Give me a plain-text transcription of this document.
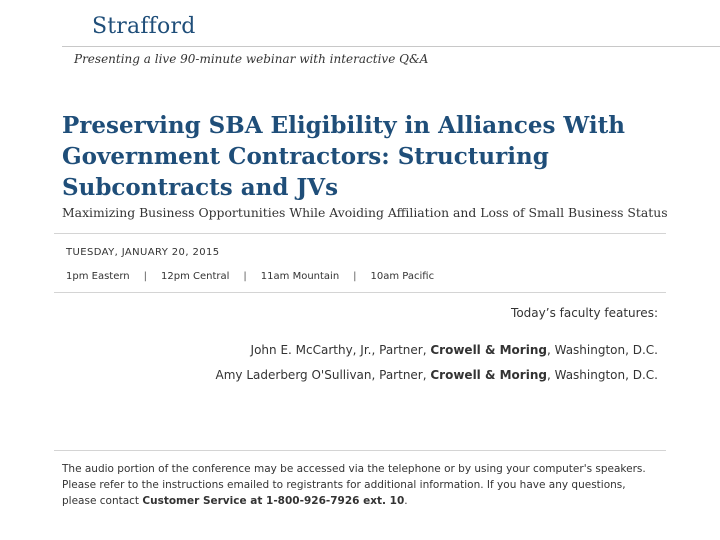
Strafford
Presenting a live 90-minute webinar with interactive Q&A
Preserving SBA Eligibility in Alliances With Government Contractors: Structuring Subcontracts and JVs
Maximizing Business Opportunities While Avoiding Affiliation and Loss of Small Business Status
TUESDAY, JANUARY 20, 2015
1pm Eastern | 12pm Central | 11am Mountain | 10am Pacific
Today’s faculty features:
John E. McCarthy, Jr., Partner, Crowell & Moring, Washington, D.C.
Amy Laderberg O'Sullivan, Partner, Crowell & Moring, Washington, D.C.
The audio portion of the conference may be accessed via the telephone or by using your computer's speakers. Please refer to the instructions emailed to registrants for additional information. If you have any questions, please contact Customer Service at 1-800-926-7926 ext. 10.
